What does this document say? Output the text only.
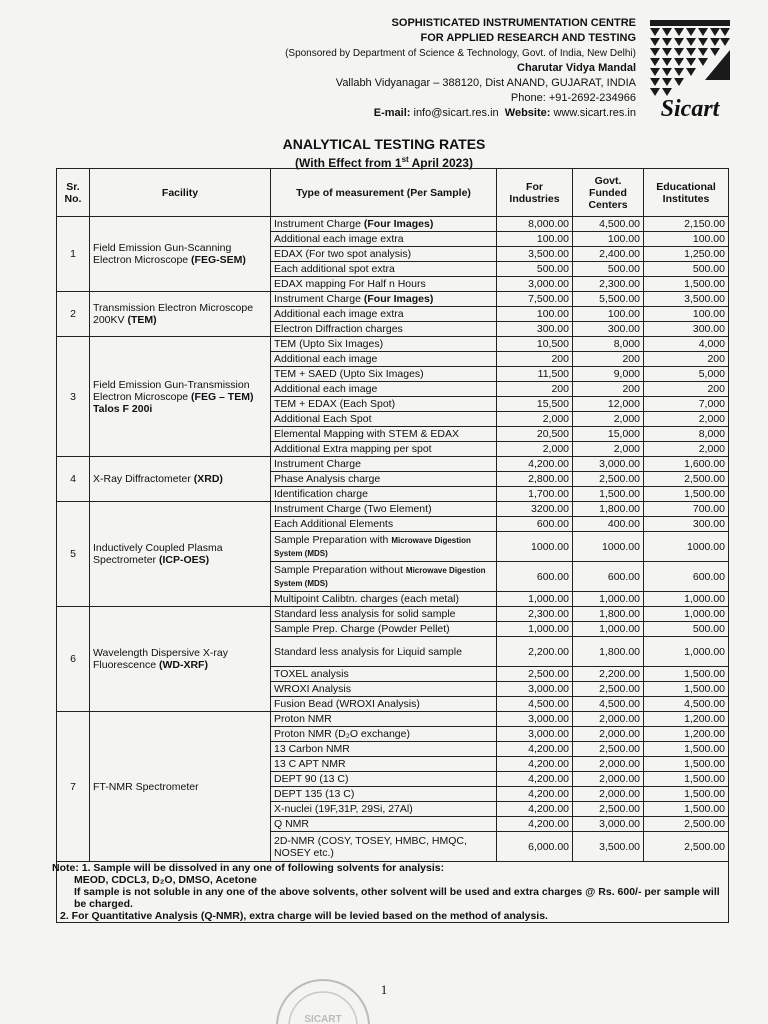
SOPHISTICATED INSTRUMENTATION CENTRE
FOR APPLIED RESEARCH AND TESTING
(Sponsored by Department of Science & Technology, Govt. of India, New Delhi)
Charutar Vidya Mandal
Vallabh Vidyanagar – 388120, Dist ANAND, GUJARAT, INDIA
Phone: +91-2692-234966
E-mail: info@sicart.res.in Website: www.sicart.res.in Sicart
ANALYTICAL TESTING RATES
(With Effect from 1st April 2023)
Sr. No.	Facility	Type of measurement (Per Sample)	For Industries	Govt. Funded Centers	Educational Institutes
1	Field Emission Gun-Scanning Electron Microscope (FEG-SEM)	Instrument Charge (Four Images)	8,000.00	4,500.00	2,150.00
		Additional each image extra	100.00	100.00	100.00
		EDAX (For two spot analysis)	3,500.00	2,400.00	1,250.00
		Each additional spot extra	500.00	500.00	500.00
		EDAX mapping For Half n Hours	3,000.00	2,300.00	1,500.00
2	Transmission Electron Microscope 200KV (TEM)	Instrument Charge (Four Images)	7,500.00	5,500.00	3,500.00
		Additional each image extra	100.00	100.00	100.00
		Electron Diffraction charges	300.00	300.00	300.00
3	Field Emission Gun-Transmission Electron Microscope (FEG – TEM) Talos F 200i	TEM (Upto Six Images)	10,500	8,000	4,000
		Additional each image	200	200	200
		TEM + SAED (Upto Six Images)	11,500	9,000	5,000
		Additional each image	200	200	200
		TEM + EDAX (Each Spot)	15,500	12,000	7,000
		Additional Each Spot	2,000	2,000	2,000
		Elemental Mapping with STEM & EDAX	20,500	15,000	8,000
		Additional Extra mapping per spot	2,000	2,000	2,000
4	X-Ray Diffractometer (XRD)	Instrument Charge	4,200.00	3,000.00	1,600.00
		Phase Analysis charge	2,800.00	2,500.00	2,500.00
		Identification charge	1,700.00	1,500.00	1,500.00
5	Inductively Coupled Plasma Spectrometer (ICP-OES)	Instrument Charge (Two Element)	3200.00	1,800.00	700.00
		Each Additional Elements	600.00	400.00	300.00
		Sample Preparation with Microwave Digestion System (MDS)	1000.00	1000.00	1000.00
		Sample Preparation without Microwave Digestion System (MDS)	600.00	600.00	600.00
		Multipoint Calibtn. charges (each metal)	1,000.00	1,000.00	1,000.00
6	Wavelength Dispersive X-ray Fluorescence (WD-XRF)	Standard less analysis for solid sample	2,300.00	1,800.00	1,000.00
		Sample Prep. Charge (Powder Pellet)	1,000.00	1,000.00	500.00
		Standard less analysis for Liquid sample	2,200.00	1,800.00	1,000.00
		TOXEL analysis	2,500.00	2,200.00	1,500.00
		WROXI Analysis	3,000.00	2,500.00	1,500.00
		Fusion Bead (WROXI Analysis)	4,500.00	4,500.00	4,500.00
7	FT-NMR Spectrometer	Proton NMR	3,000.00	2,000.00	1,200.00
		Proton NMR (D₂O exchange)	3,000.00	2,000.00	1,200.00
		13 Carbon NMR	4,200.00	2,500.00	1,500.00
		13 C APT NMR	4,200.00	2,000.00	1,500.00
		DEPT 90 (13 C)	4,200.00	2,000.00	1,500.00
		DEPT 135 (13 C)	4,200.00	2,000.00	1,500.00
		X-nuclei (19F,31P, 29Si, 27Al)	4,200.00	2,500.00	1,500.00
		Q NMR	4,200.00	3,000.00	2,500.00
		2D-NMR (COSY, TOSEY, HMBC, HMQC, NOSEY etc.)	6,000.00	3,500.00	2,500.00

Note: 1. Sample will be dissolved in any one of following solvents for analysis:
MEOD, CDCL3, D₂O, DMSO, Acetone
If sample is not soluble in any one of the above solvents, other solvent will be used and extra charges @ Rs. 600/- per sample will be charged.
2. For Quantitative Analysis (Q-NMR), extra charge will be levied based on the method of analysis.					
SICART
1
